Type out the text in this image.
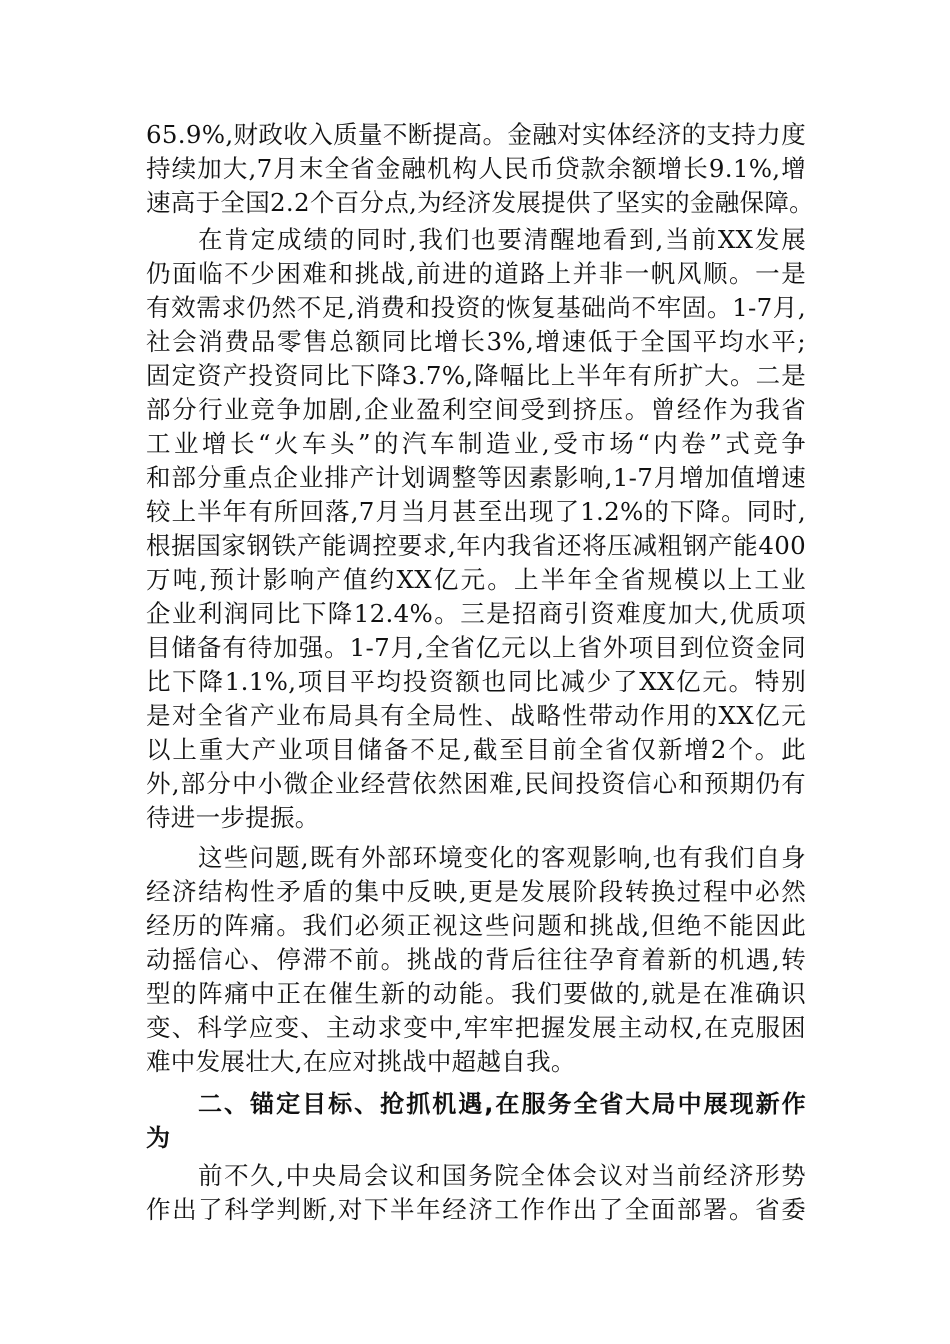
65.9%,财政收入质量不断提高。金融对实体经济的支持力度
持续加大,7月末全省金融机构人民币贷款余额增长9.1%,增
速高于全国2.2个百分点,为经济发展提供了坚实的金融保障。
在肯定成绩的同时,我们也要清醒地看到,当前XX发展
仍面临不少困难和挑战,前进的道路上并非一帆风顺。一是
有效需求仍然不足,消费和投资的恢复基础尚不牢固。1-7月,
社会消费品零售总额同比增长3%,增速低于全国平均水平;
固定资产投资同比下降3.7%,降幅比上半年有所扩大。二是
部分行业竞争加剧,企业盈利空间受到挤压。曾经作为我省
工业增长“火车头”的汽车制造业,受市场“内卷”式竞争
和部分重点企业排产计划调整等因素影响,1-7月增加值增速
较上半年有所回落,7月当月甚至出现了1.2%的下降。同时,
根据国家钢铁产能调控要求,年内我省还将压减粗钢产能400
万吨,预计影响产值约XX亿元。上半年全省规模以上工业
企业利润同比下降12.4%。三是招商引资难度加大,优质项
目储备有待加强。1-7月,全省亿元以上省外项目到位资金同
比下降1.1%,项目平均投资额也同比减少了XX亿元。特别
是对全省产业布局具有全局性、战略性带动作用的XX亿元
以上重大产业项目储备不足,截至目前全省仅新增2个。此
外,部分中小微企业经营依然困难,民间投资信心和预期仍有
待进一步提振。
这些问题,既有外部环境变化的客观影响,也有我们自身
经济结构性矛盾的集中反映,更是发展阶段转换过程中必然
经历的阵痛。我们必须正视这些问题和挑战,但绝不能因此
动摇信心、停滞不前。挑战的背后往往孕育着新的机遇,转
型的阵痛中正在催生新的动能。我们要做的,就是在准确识
变、科学应变、主动求变中,牢牢把握发展主动权,在克服困
难中发展壮大,在应对挑战中超越自我。
二、锚定目标、抢抓机遇,在服务全省大局中展现新作
为
前不久,中央局会议和国务院全体会议对当前经济形势
作出了科学判断,对下半年经济工作作出了全面部署。省委
